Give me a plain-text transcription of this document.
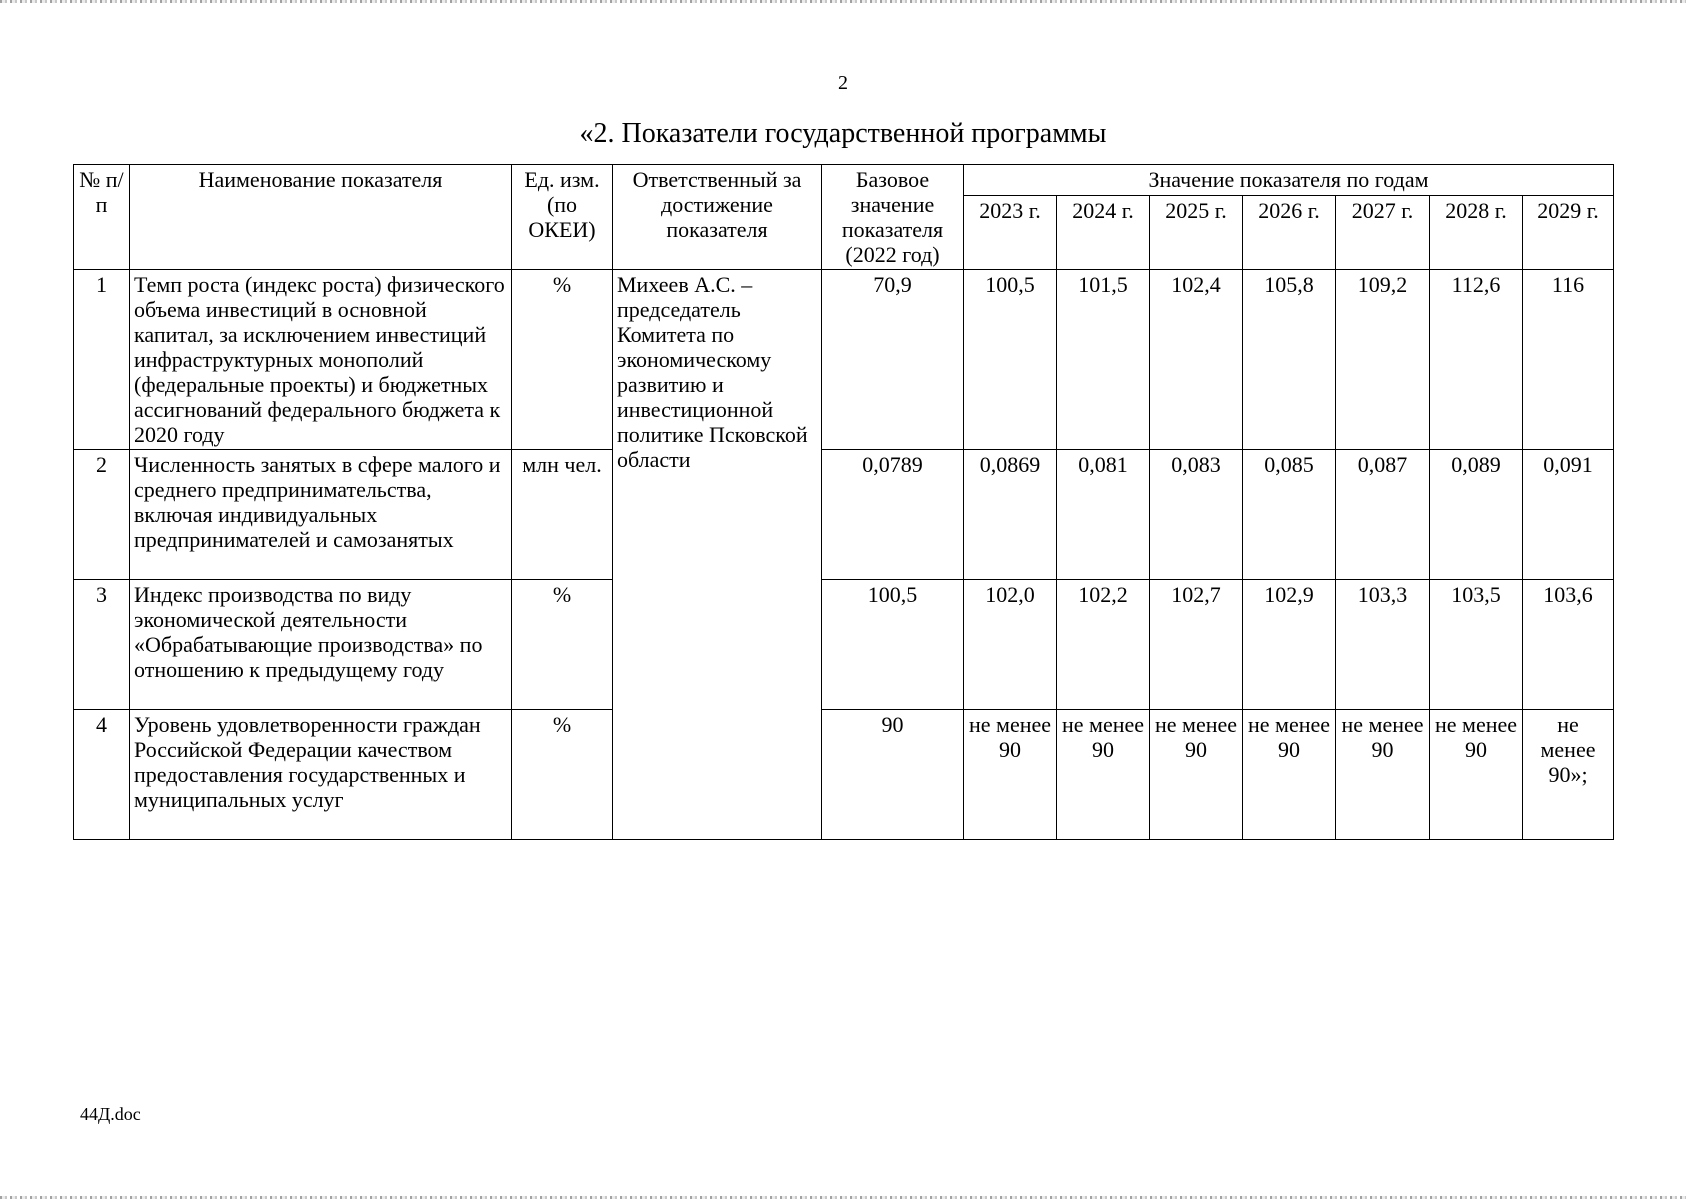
2
«2. Показатели государственной программы
№ п/п	Наименование показателя	Ед. изм. (по ОКЕИ)	Ответственный за достижение показателя	Базовое значение показателя (2022 год)	Значение показателя по годам						
					2023 г.	2024 г.	2025 г.	2026 г.	2027 г.	2028 г.	2029 г.
1	Темп роста (индекс роста) физического объема инвестиций в основной капитал, за исключением инвестиций инфраструктурных монополий (федеральные проекты) и бюджетных ассигнований федерального бюджета к 2020 году	%	Михеев А.С. – председатель Комитета по экономическому развитию и инвестиционной политике Псковской области	70,9	100,5	101,5	102,4	105,8	109,2	112,6	116
2	Численность занятых в сфере малого и среднего предпринимательства, включая индивидуальных предпринимателей и самозанятых	млн чел.		0,0789	0,0869	0,081	0,083	0,085	0,087	0,089	0,091
3	Индекс производства по виду экономической деятельности «Обрабатывающие производства» по отношению к предыдущему году	%		100,5	102,0	102,2	102,7	102,9	103,3	103,5	103,6
4	Уровень удовлетворенности граждан Российской Федерации качеством предоставления государственных и муниципальных услуг	%		90	не менее 90	не менее 90	не менее 90	не менее 90	не менее 90	не менее 90	не менее 90»;
44Д.doc
